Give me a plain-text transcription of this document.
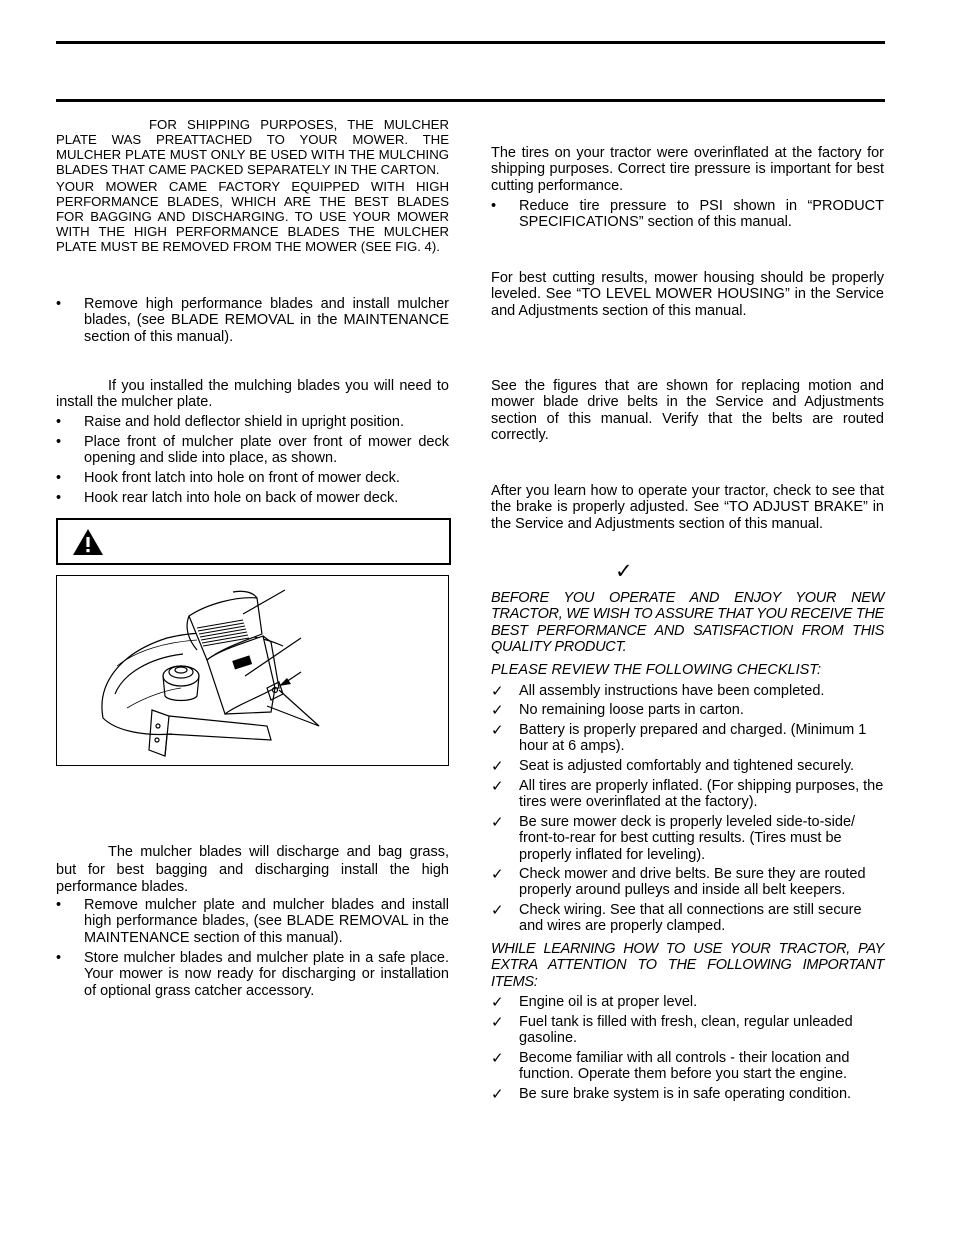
FOR SHIPPING PURPOSES, THE MULCHER PLATE WAS PREATTACHED TO YOUR MOWER. THE MULCHER PLATE MUST ONLY BE USED WITH THE MULCHING BLADES THAT CAME PACKED SEPARATELY IN THE CARTON.

YOUR MOWER CAME FACTORY EQUIPPED WITH HIGH PERFORMANCE BLADES, WHICH ARE THE BEST BLADES FOR BAGGING AND DISCHARGING. TO USE YOUR MOWER WITH THE HIGH PERFORMANCE BLADES THE MULCHER PLATE MUST BE REMOVED FROM THE MOWER (SEE FIG. 4).

• Remove high performance blades and install mulcher blades, (see BLADE REMOVAL in the MAINTENANCE section of this manual).

If you installed the mulching blades you will need to install the mulcher plate.

• Raise and hold deflector shield in upright position.
• Place front of mulcher plate over front of mower deck opening and slide into place, as shown.
• Hook front latch into hole on front of mower deck.
• Hook rear latch into hole on back of mower deck.

The mulcher blades will discharge and bag grass, but for best bagging and discharging install the high performance blades.

• Remove mulcher plate and mulcher blades and install high performance blades, (see BLADE REMOVAL in the MAINTENANCE section of this manual).
• Store mulcher blades and mulcher plate in a safe place. Your mower is now ready for discharging or installation of optional grass catcher accessory.

The tires on your tractor were overinflated at the factory for shipping purposes. Correct tire pressure is important for best cutting performance.

• Reduce tire pressure to PSI shown in “PRODUCT SPECIFICATIONS” section of this manual.

For best cutting results, mower housing should be properly leveled. See “TO LEVEL MOWER HOUSING” in the Service and Adjustments section of this manual.

See the figures that are shown for replacing motion and mower blade drive belts in the Service and Adjustments section of this manual. Verify that the belts are routed correctly.

After you learn how to operate your tractor, check to see that the brake is properly adjusted. See “TO ADJUST BRAKE” in the Service and Adjustments section of this manual.

✓

BEFORE YOU OPERATE AND ENJOY YOUR NEW TRACTOR, WE WISH TO ASSURE THAT YOU RECEIVE THE BEST PERFORMANCE AND SATISFACTION FROM THIS QUALITY PRODUCT.

PLEASE REVIEW THE FOLLOWING CHECKLIST:

✓ All assembly instructions have been completed.
✓ No remaining loose parts in carton.
✓ Battery is properly prepared and charged. (Minimum 1 hour at 6 amps).
✓ Seat is adjusted comfortably and tightened securely.
✓ All tires are properly inflated. (For shipping purposes, the tires were overinflated at the factory).
✓ Be sure mower deck is properly leveled side-to-side/ front-to-rear for best cutting results. (Tires must be properly inflated for leveling).
✓ Check mower and drive belts. Be sure they are routed properly around pulleys and inside all belt keepers.
✓ Check wiring. See that all connections are still secure and wires are properly clamped.

WHILE LEARNING HOW TO USE YOUR TRACTOR, PAY EXTRA ATTENTION TO THE FOLLOWING IMPORTANT ITEMS:

✓ Engine oil is at proper level.
✓ Fuel tank is filled with fresh, clean, regular unleaded gasoline.
✓ Become familiar with all controls - their location and function. Operate them before you start the engine.
✓ Be sure brake system is in safe operating condition.
